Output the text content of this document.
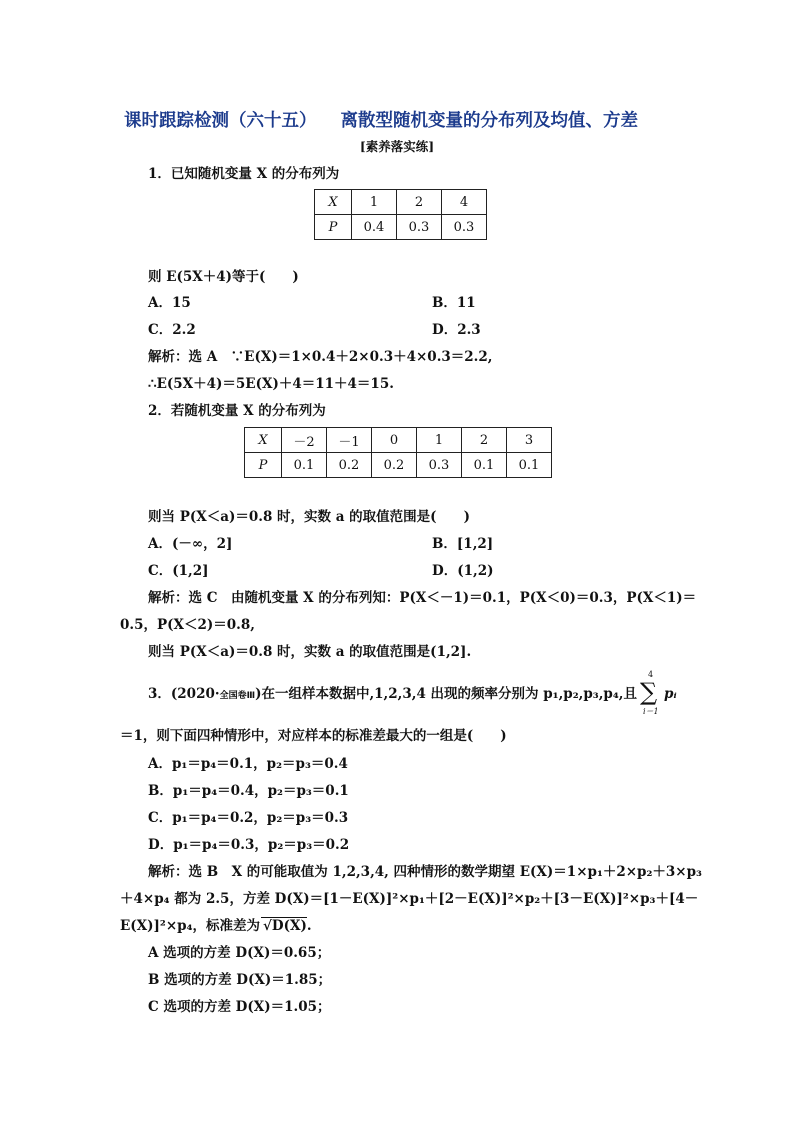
课时跟踪检测（六十五） 离散型随机变量的分布列及均值、方差
[素养落实练]
1．已知随机变量 X 的分布列为
X	1	2	4
P	0.4	0.3	0.3
则 E(5X＋4)等于(　　)
A．15	B．11
C．2.2	D．2.3
解析：选 A　∵E(X)＝1×0.4＋2×0.3＋4×0.3＝2.2,
∴E(5X＋4)＝5E(X)＋4＝11＋4＝15.
2．若随机变量 X 的分布列为
X	－2	－1	0	1	2	3
P	0.1	0.2	0.2	0.3	0.1	0.1
则当 P(X＜a)＝0.8 时，实数 a 的取值范围是(　　)
A．(－∞，2]	B．[1,2]
C．(1,2]	D．(1,2)
解析：选 C　由随机变量 X 的分布列知：P(X＜－1)＝0.1，P(X＜0)＝0.3，P(X＜1)＝
0.5，P(X＜2)＝0.8,
则当 P(X＜a)＝0.8 时，实数 a 的取值范围是(1,2].
3．(2020·全国卷Ⅲ)在一组样本数据中,1,2,3,4 出现的频率分别为 p₁,p₂,p₃,p₄,且
4
∑
i＝1
pᵢ
＝1，则下面四种情形中，对应样本的标准差最大的一组是(　　)
A．p₁＝p₄＝0.1，p₂＝p₃＝0.4
B．p₁＝p₄＝0.4，p₂＝p₃＝0.1
C．p₁＝p₄＝0.2，p₂＝p₃＝0.3
D．p₁＝p₄＝0.3，p₂＝p₃＝0.2
解析：选 B　X 的可能取值为 1,2,3,4, 四种情形的数学期望 E(X)＝1×p₁＋2×p₂＋3×p₃
＋4×p₄ 都为 2.5，方差 D(X)＝[1－E(X)]²×p₁＋[2－E(X)]²×p₂＋[3－E(X)]²×p₃＋[4－
E(X)]²×p₄，标准差为 √D(X).
A 选项的方差 D(X)＝0.65；
B 选项的方差 D(X)＝1.85；
C 选项的方差 D(X)＝1.05；
